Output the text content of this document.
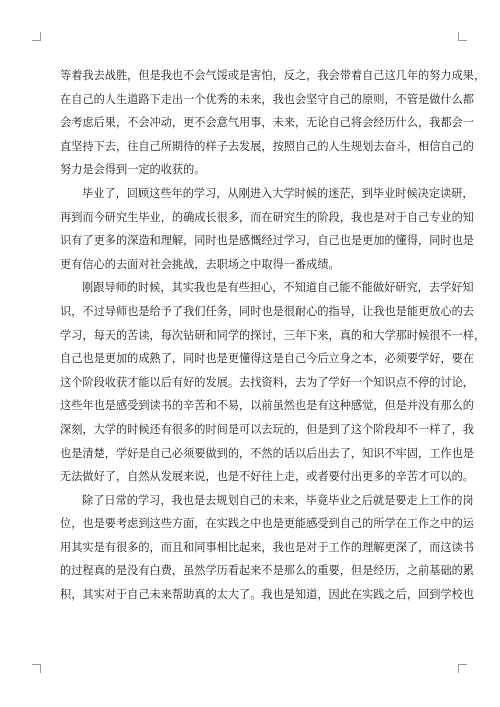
等着我去战胜，但是我也不会气馁或是害怕，反之，我会带着自己这几年的努力成果，
在自己的人生道路下走出一个优秀的未来，我也会坚守自己的原则，不管是做什么都
会考虑后果，不会冲动，更不会意气用事，未来，无论自己将会经历什么，我都会一
直坚持下去，往自己所期待的样子去发展，按照自己的人生规划去奋斗，相信自己的
努力是会得到一定的收获的。
毕业了，回顾这些年的学习，从刚进入大学时候的迷茫，到毕业时候决定读研，
再到而今研究生毕业，的确成长很多，而在研究生的阶段，我也是对于自己专业的知
识有了更多的深造和理解，同时也是感慨经过学习，自己也是更加的懂得，同时也是
更有信心的去面对社会挑战，去职场之中取得一番成绩。
刚跟导师的时候，其实我也是有些担心，不知道自己能不能做好研究，去学好知
识，不过导师也是给予了我们任务，同时也是很耐心的指导，让我也是能更放心的去
学习，每天的苦读，每次钻研和同学的探讨，三年下来，真的和大学那时候很不一样，
自己也是更加的成熟了，同时也是更懂得这是自己今后立身之本，必须要学好，要在
这个阶段收获才能以后有好的发展。去找资料，去为了学好一个知识点不停的讨论，
这些年也是感受到读书的辛苦和不易，以前虽然也是有这种感觉，但是并没有那么的
深刻，大学的时候还有很多的时间是可以去玩的，但是到了这个阶段却不一样了，我
也是清楚，学好是自己必须要做到的，不然的话以后出去了，知识不牢固，工作也是
无法做好了，自然从发展来说，也是不好往上走，或者要付出更多的辛苦才可以的。
除了日常的学习，我也是去规划自己的未来，毕竟毕业之后就是要走上工作的岗
位，也是要考虑到这些方面，在实践之中也是更能感受到自己的所学在工作之中的运
用其实是有很多的，而且和同事相比起来，我也是对于工作的理解更深了，而这读书
的过程真的是没有白费，虽然学历看起来不是那么的重要，但是经历，之前基础的累
积，其实对于自己未来帮助真的太大了。我也是知道，因此在实践之后，回到学校也
